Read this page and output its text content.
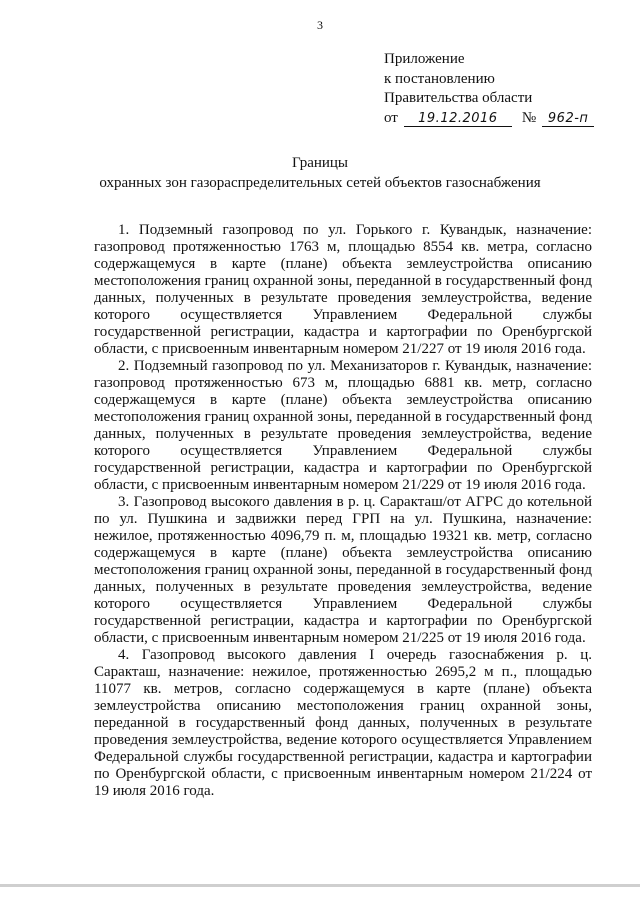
3
Приложение
к постановлению
Правительства области
от	19.12.2016	№ 962-п
Границы
охранных зон газораспределительных сетей объектов газоснабжения

1. Подземный газопровод по ул. Горького г. Кувандык, назначение: газопровод протяженностью 1763 м, площадью 8554 кв. метра, согласно содержащемуся в карте (плане) объекта землеустройства описанию местоположения границ охранной зоны, переданной в государственный фонд данных, полученных в результате проведения землеустройства, ведение которого осуществляется Управлением Федеральной службы государственной регистрации, кадастра и картографии по Оренбургской области, с присвоенным инвентарным номером 21/227 от 19 июля 2016 года.

2. Подземный газопровод по ул. Механизаторов г. Кувандык, назначение: газопровод протяженностью 673 м, площадью 6881 кв. метр, согласно содержащемуся в карте (плане) объекта землеустройства описанию местоположения границ охранной зоны, переданной в государственный фонд данных, полученных в результате проведения землеустройства, ведение которого осуществляется Управлением Федеральной службы государственной регистрации, кадастра и картографии по Оренбургской области, с присвоенным инвентарным номером 21/229 от 19 июля 2016 года.

3. Газопровод высокого давления в р. ц. Саракташ/от АГРС до котельной по ул. Пушкина и задвижки перед ГРП на ул. Пушкина, назначение: нежилое, протяженностью 4096,79 п. м, площадью 19321 кв. метр, согласно содержащемуся в карте (плане) объекта землеустройства описанию местоположения границ охранной зоны, переданной в государственный фонд данных, полученных в результате проведения землеустройства, ведение которого осуществляется Управлением Федеральной службы государственной регистрации, кадастра и картографии по Оренбургской области, с присвоенным инвентарным номером 21/225 от 19 июля 2016 года.

4. Газопровод высокого давления I очередь газоснабжения р. ц. Саракташ, назначение: нежилое, протяженностью 2695,2 м п., площадью 11077 кв. метров, согласно содержащемуся в карте (плане) объекта землеустройства описанию местоположения границ охранной зоны, переданной в государственный фонд данных, полученных в результате проведения землеустройства, ведение которого осуществляется Управлением Федеральной службы государственной регистрации, кадастра и картографии по Оренбургской области, с присвоенным инвентарным номером 21/224 от 19 июля 2016 года.
